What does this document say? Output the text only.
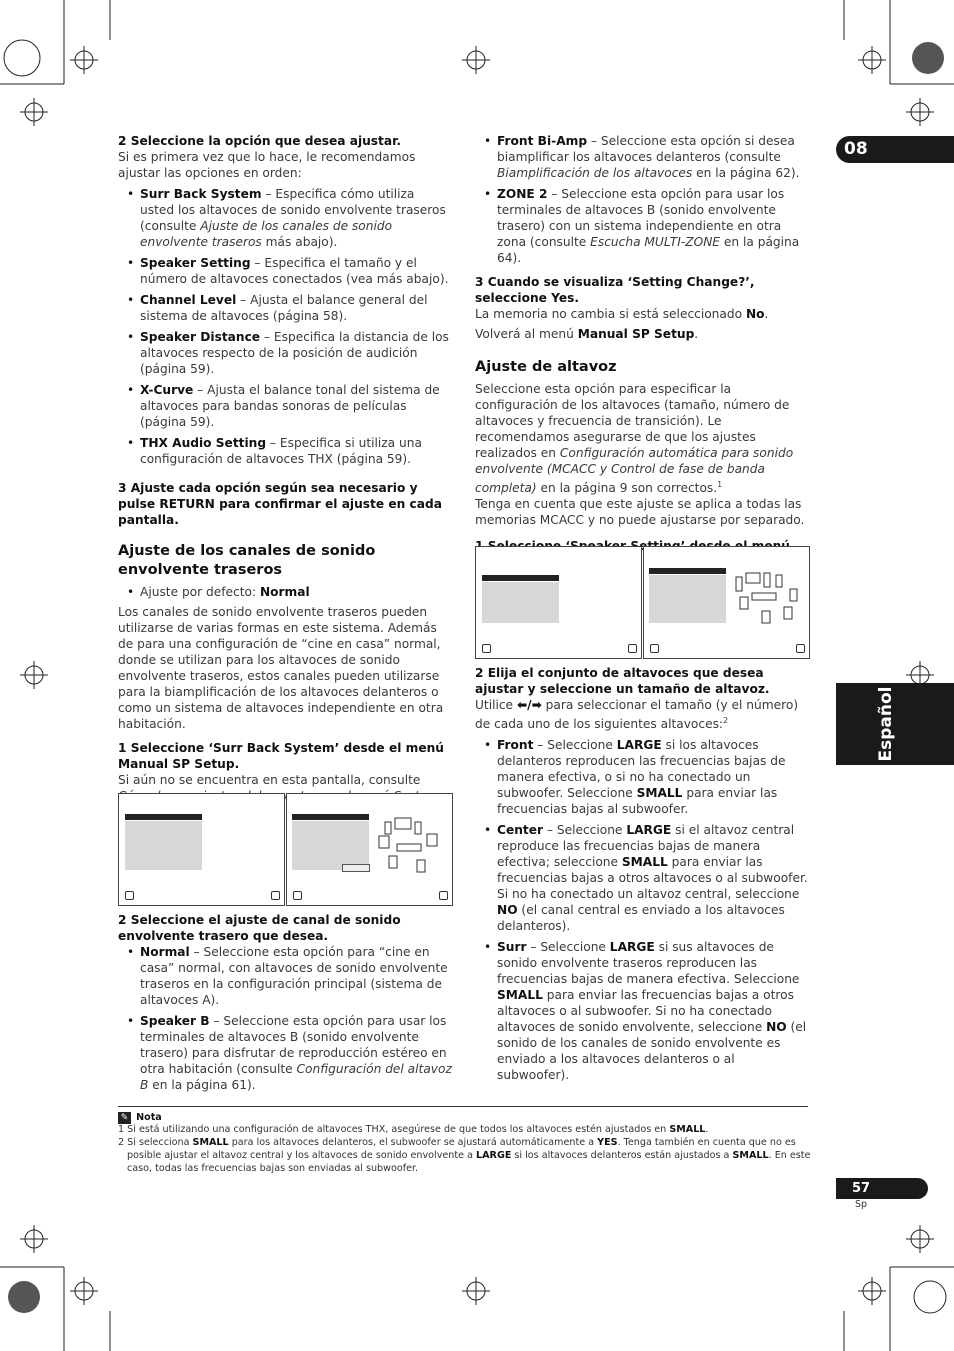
08
Español
57
Sp

2 Seleccione la opción que desea ajustar.

Si es primera vez que lo hace, le recomendamos ajustar las opciones en orden:

• Surr Back System – Especifica cómo utiliza usted los altavoces de sonido envolvente traseros (consulte Ajuste de los canales de sonido envolvente traseros más abajo).

• Speaker Setting – Especifica el tamaño y el número de altavoces conectados (vea más abajo).

• Channel Level – Ajusta el balance general del sistema de altavoces (página 58).

• Speaker Distance – Especifica la distancia de los altavoces respecto de la posición de audición (página 59).

• X-Curve – Ajusta el balance tonal del sistema de altavoces para bandas sonoras de películas (página 59).

• THX Audio Setting – Especifica si utiliza una configuración de altavoces THX (página 59).

3 Ajuste cada opción según sea necesario y pulse RETURN para confirmar el ajuste en cada pantalla.

Ajuste de los canales de sonido envolvente traseros

• Ajuste por defecto: Normal

Los canales de sonido envolvente traseros pueden utilizarse de varias formas en este sistema. Además de para una configuración de “cine en casa” normal, donde se utilizan para los altavoces de sonido envolvente traseros, estos canales pueden utilizarse para la biamplificación de los altavoces delanteros o como un sistema de altavoces independiente en otra habitación.

1 Seleccione ‘Surr Back System’ desde el menú Manual SP Setup.

Si aún no se encuentra en esta pantalla, consulte

2 Seleccione el ajuste de canal de sonido envolvente trasero que desea.

• Normal – Seleccione esta opción para “cine en casa” normal, con altavoces de sonido envolvente traseros en la configuración principal (sistema de altavoces A).

• Speaker B – Seleccione esta opción para usar los terminales de altavoces B (sonido envolvente trasero) para disfrutar de reproducción estéreo en otra habitación (consulte Configuración del altavoz B en la página 61).

• Front Bi-Amp – Seleccione esta opción si desea biamplificar los altavoces delanteros (consulte Biamplificación de los altavoces en la página 62).

• ZONE 2 – Seleccione esta opción para usar los terminales de altavoces B (sonido envolvente trasero) con un sistema independiente en otra zona (consulte Escucha MULTI-ZONE en la página 64).

3 Cuando se visualiza ‘Setting Change?’, seleccione Yes.

La memoria no cambia si está seleccionado No.

Volverá al menú Manual SP Setup.

Ajuste de altavoz

Seleccione esta opción para especificar la configuración de los altavoces (tamaño, número de altavoces y frecuencia de transición). Le recomendamos asegurarse de que los ajustes realizados en Configuración automática para sonido envolvente (MCACC y Control de fase de banda completa) en la página 9 son correctos.$^1$

Tenga en cuenta que este ajuste se aplica a todas las memorias MCACC y no puede ajustarse por separado.

2 Elija el conjunto de altavoces que desea ajustar y seleccione un tamaño de altavoz.

Utilice ⬅/➡ para seleccionar el tamaño (y el número) de cada uno de los siguientes altavoces:$^2$

• Front – Seleccione LARGE si los altavoces delanteros reproducen las frecuencias bajas de manera efectiva, o si no ha conectado un subwoofer. Seleccione SMALL para enviar las frecuencias bajas al subwoofer.

• Center – Seleccione LARGE si el altavoz central reproduce las frecuencias bajas de manera efectiva; seleccione SMALL para enviar las frecuencias bajas a otros altavoces o al subwoofer. Si no ha conectado un altavoz central, seleccione NO (el canal central es enviado a los altavoces delanteros).

• Surr – Seleccione LARGE si sus altavoces de sonido envolvente traseros reproducen las frecuencias bajas de manera efectiva. Seleccione SMALL para enviar las frecuencias bajas a otros altavoces o al subwoofer. Si no ha conectado altavoces de sonido envolvente, seleccione NO (el sonido de los canales de sonido envolvente es enviado a los altavoces delanteros o al subwoofer).

✎ Nota
1 Si está utilizando una configuración de altavoces THX, asegúrese de que todos los altavoces estén ajustados en SMALL.
2 Si selecciona SMALL para los altavoces delanteros, el subwoofer se ajustará automáticamente a YES. Tenga también en cuenta que no es posible ajustar el altavoz central y los altavoces de sonido envolvente a LARGE si los altavoces delanteros están ajustados a SMALL. En este caso, todas las frecuencias bajas son enviadas al subwoofer.
